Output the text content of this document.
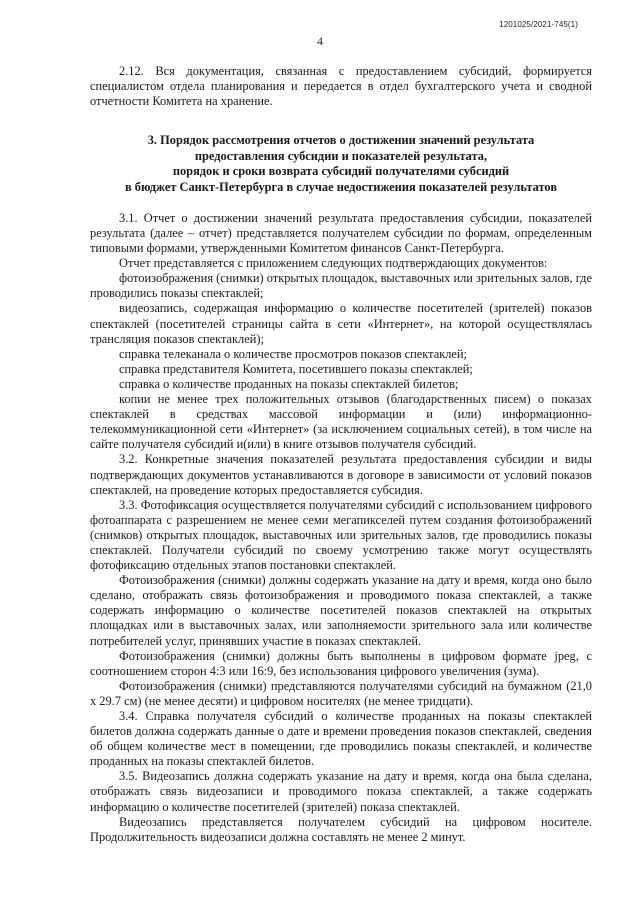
1201025/2021-745(1)
4

2.12. Вся документация, связанная с предоставлением субсидий, формируется специалистом отдела планирования и передается в отдел бухгалтерского учета и сводной отчетности Комитета на хранение.

3. Порядок рассмотрения отчетов о достижении значений результата
предоставления субсидии и показателей результата,
порядок и сроки возврата субсидий получателями субсидий
в бюджет Санкт-Петербурга в случае недостижения показателей результатов

3.1. Отчет о достижении значений результата предоставления субсидии, показателей результата (далее – отчет) представляется получателем субсидии по формам, определенным типовыми формами, утвержденными Комитетом финансов Санкт-Петербурга.

Отчет представляется с приложением следующих подтверждающих документов:

фотоизображения (снимки) открытых площадок, выставочных или зрительных залов, где проводились показы спектаклей;

видеозапись, содержащая информацию о количестве посетителей (зрителей) показов спектаклей (посетителей страницы сайта в сети «Интернет», на которой осуществлялась трансляция показов спектаклей);

справка телеканала о количестве просмотров показов спектаклей;

справка представителя Комитета, посетившего показы спектаклей;

справка о количестве проданных на показы спектаклей билетов;

копии не менее трех положительных отзывов (благодарственных писем) о показах спектаклей в средствах массовой информации и (или) информационно-телекоммуникационной сети «Интернет» (за исключением социальных сетей), в том числе на сайте получателя субсидий и(или) в книге отзывов получателя субсидий.

3.2. Конкретные значения показателей результата предоставления субсидии и виды подтверждающих документов устанавливаются в договоре в зависимости от условий показов спектаклей, на проведение которых предоставляется субсидия.

3.3. Фотофиксация осуществляется получателями субсидий с использованием цифрового фотоаппарата с разрешением не менее семи мегапикселей путем создания фотоизображений (снимков) открытых площадок, выставочных или зрительных залов, где проводились показы спектаклей. Получатели субсидий по своему усмотрению также могут осуществлять фотофиксацию отдельных этапов постановки спектаклей.

Фотоизображения (снимки) должны содержать указание на дату и время, когда оно было сделано, отображать связь фотоизображения и проводимого показа спектаклей, а также содержать информацию о количестве посетителей показов спектаклей на открытых площадках или в выставочных залах, или заполняемости зрительного зала или количестве потребителей услуг, принявших участие в показах спектаклей.

Фотоизображения (снимки) должны быть выполнены в цифровом формате jpeg, с соотношением сторон 4:3 или 16:9, без использования цифрового увеличения (зума).

Фотоизображения (снимки) представляются получателями субсидий на бумажном (21,0 x 29.7 см) (не менее десяти) и цифровом носителях (не менее тридцати).

3.4. Справка получателя субсидий о количестве проданных на показы спектаклей билетов должна содержать данные о дате и времени проведения показов спектаклей, сведения об общем количестве мест в помещении, где проводились показы спектаклей, и количестве проданных на показы спектаклей билетов.

3.5. Видеозапись должна содержать указание на дату и время, когда она была сделана, отображать связь видеозаписи и проводимого показа спектаклей, а также содержать информацию о количестве посетителей (зрителей) показа спектаклей.

Видеозапись представляется получателем субсидий на цифровом носителе. Продолжительность видеозаписи должна составлять не менее 2 минут.
